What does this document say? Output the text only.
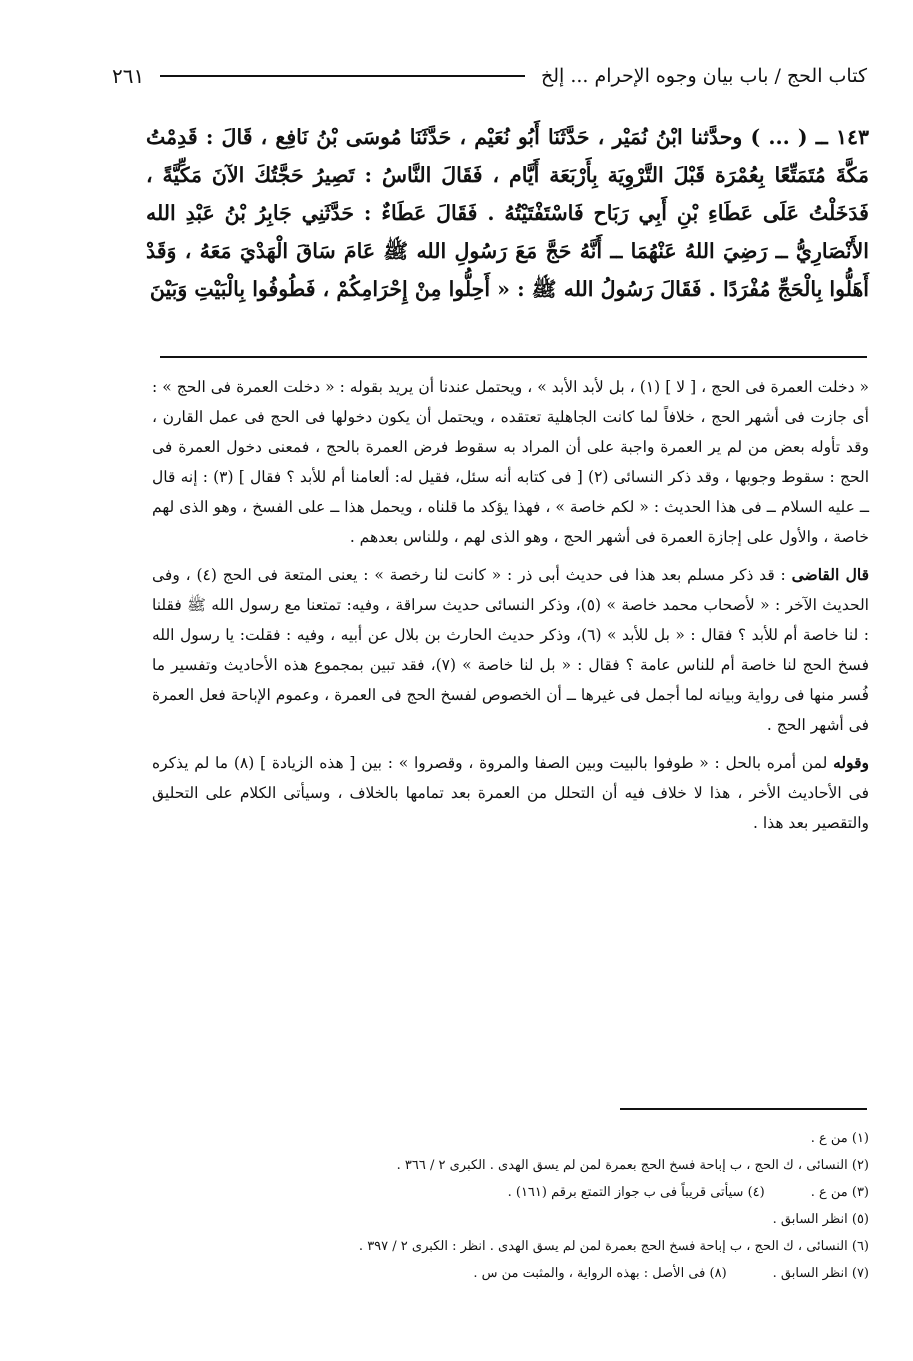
كتاب الحج / باب بيان وجوه الإحرام ... إلخ
٢٦١
١٤٣ ــ ( ... ) وحدَّثنا ابْنُ نُمَيْر ، حَدَّثَنَا أَبُو نُعَيْم ، حَدَّثَنَا مُوسَى بْنُ نَافِع ، قَالَ : قَدِمْتُ مَكَّةَ مُتَمَتِّعًا بِعُمْرَة قَبْلَ التَّرْوِيَة بِأَرْبَعَة أَيَّام ، فَقَالَ النَّاسُ : تَصِيرُ حَجَّتُكَ الآنَ مَكِّيَّةً ، فَدَخَلْتُ عَلَى عَطَاءِ بْنِ أَبِي رَبَاح فَاسْتَفْتَيْتُهُ . فَقَالَ عَطَاءٌ : حَدَّثَنِي جَابِرُ بْنُ عَبْدِ الله الأَنْصَارِيُّ ــ رَضِيَ اللهُ عَنْهُمَا ــ أَنَّهُ حَجَّ مَعَ رَسُولِ الله ﷺ عَامَ سَاقَ الْهَدْيَ مَعَهُ ، وَقَدْ أَهَلُّوا بِالْحَجِّ مُفْرَدًا . فَقَالَ رَسُولُ الله ﷺ : « أَحِلُّوا مِنْ إِحْرَامِكُمْ ، فَطُوفُوا بِالْبَيْتِ وَبَيْنَ

« دخلت العمرة فى الحج ، [ لا ] (١) ، بل لأبد الأبد » ، ويحتمل عندنا أن يريد بقوله : « دخلت العمرة فى الحج » : أى جازت فى أشهر الحج ، خلافاً لما كانت الجاهلية تعتقده ، ويحتمل أن يكون دخولها فى الحج فى عمل القارن ، وقد تأوله بعض من لم ير العمرة واجبة على أن المراد به سقوط فرض العمرة بالحج ، فمعنى دخول العمرة فى الحج : سقوط وجوبها ، وقد ذكر النسائى (٢) [ فى كتابه أنه سئل، فقيل له: ألعامنا أم للأبد ؟ فقال ] (٣) : إنه قال ــ عليه السلام ــ فى هذا الحديث : « لكم خاصة » ، فهذا يؤكد ما قلناه ، ويحمل هذا ــ على الفسخ ، وهو الذى لهم خاصة ، والأول على إجازة العمرة فى أشهر الحج ، وهو الذى لهم ، وللناس بعدهم .

قال القاضى : قد ذكر مسلم بعد هذا فى حديث أبى ذر : « كانت لنا رخصة » : يعنى المتعة فى الحج (٤) ، وفى الحديث الآخر : « لأصحاب محمد خاصة » (٥)، وذكر النسائى حديث سراقة ، وفيه: تمتعنا مع رسول الله ﷺ فقلنا : لنا خاصة أم للأبد ؟ فقال : « بل للأبد » (٦)، وذكر حديث الحارث بن بلال عن أبيه ، وفيه : فقلت: يا رسول الله فسخ الحج لنا خاصة أم للناس عامة ؟ فقال : « بل لنا خاصة » (٧)، فقد تبين بمجموع هذه الأحاديث وتفسير ما فُسر منها فى رواية وبيانه لما أجمل فى غيرها ــ أن الخصوص لفسخ الحج فى العمرة ، وعموم الإباحة فعل العمرة فى أشهر الحج .

وقوله لمن أمره بالحل : « طوفوا بالبيت وبين الصفا والمروة ، وقصروا » : بين [ هذه الزيادة ] (٨) ما لم يذكره فى الأحاديث الأخر ، هذا لا خلاف فيه أن التحلل من العمرة بعد تمامها بالخلاف ، وسيأتى الكلام على التحليق والتقصير بعد هذا .

(١) من ع .
(٢) النسائى ، ك الحج ، ب إباحة فسخ الحج بعمرة لمن لم يسق الهدى . الكبرى ٢ / ٣٦٦ .
(٣) من ع .
(٤) سيأتى قريباً فى ب جواز التمتع برقم (١٦١) .
(٥) انظر السابق .
(٦) النسائى ، ك الحج ، ب إباحة فسخ الحج بعمرة لمن لم يسق الهدى . انظر : الكبرى ٢ / ٣٩٧ .
(٧) انظر السابق .
(٨) فى الأصل : بهذه الرواية ، والمثبت من س .
